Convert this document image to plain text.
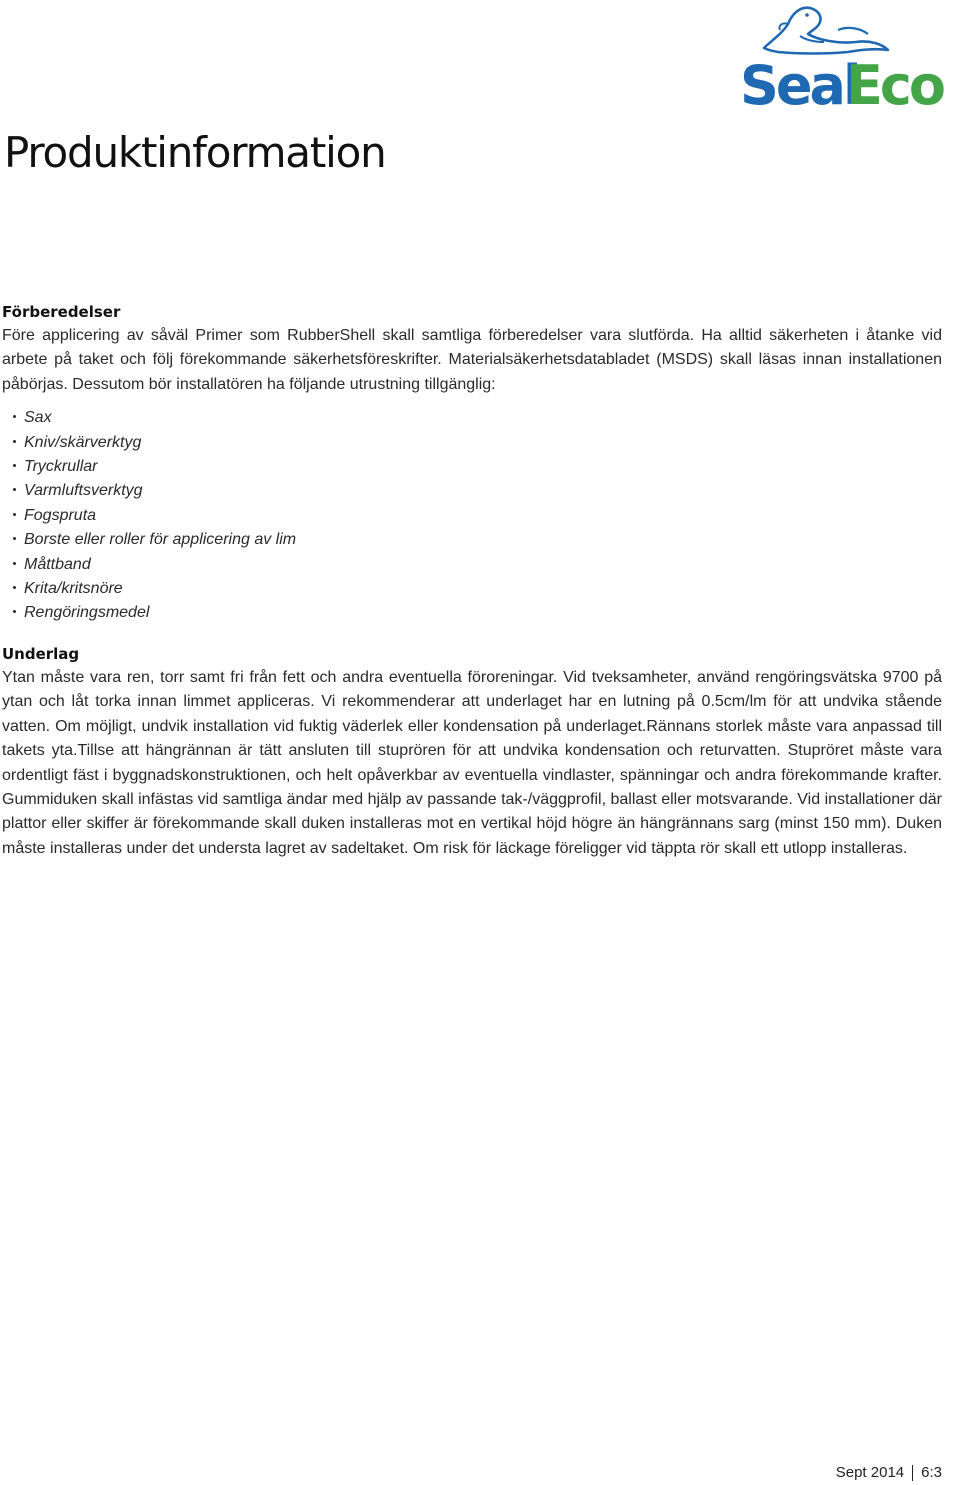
Seal
Eco
Produktinformation
Förberedelser

Före applicering av såväl Primer som RubberShell skall samtliga förberedelser vara slutförda. Ha alltid säkerheten i åtanke vid arbete på taket och följ förekommande säkerhetsföreskrifter. Materialsäkerhetsdatabladet (MSDS) skall läsas innan installationen påbörjas. Dessutom bör installatören ha följande utrustning tillgänglig:

Sax
Kniv/skärverktyg
Tryckrullar
Varmluftsverktyg
Fogspruta
Borste eller roller för applicering av lim
Måttband
Krita/kritsnöre
Rengöringsmedel
Underlag

Ytan måste vara ren, torr samt fri från fett och andra eventuella föroreningar. Vid tveksamheter, använd rengöringsvätska 9700 på ytan och låt torka innan limmet appliceras. Vi rekommenderar att underlaget har en lutning på 0.5cm/lm för att undvika stående vatten. Om möjligt, undvik installation vid fuktig väderlek eller kondensation på underlaget.Rännans storlek måste vara anpassad till takets yta.Tillse att hängrännan är tätt ansluten till stuprören för att undvika kondensation och returvatten. Stupröret måste vara ordentligt fäst i byggnadskonstruktionen, och helt opåverkbar av eventuella vindlaster, spänningar och andra förekommande krafter. Gummiduken skall infästas vid samtliga ändar med hjälp av passande tak-/väggprofil, ballast eller motsvarande. Vid installationer där plattor eller skiffer är förekommande skall duken installeras mot en vertikal höjd högre än hängrännans sarg (minst 150 mm). Duken måste installeras under det understa lagret av sadeltaket. Om risk för läckage föreligger vid täppta rör skall ett utlopp installeras.

Sept 2014 6:3
